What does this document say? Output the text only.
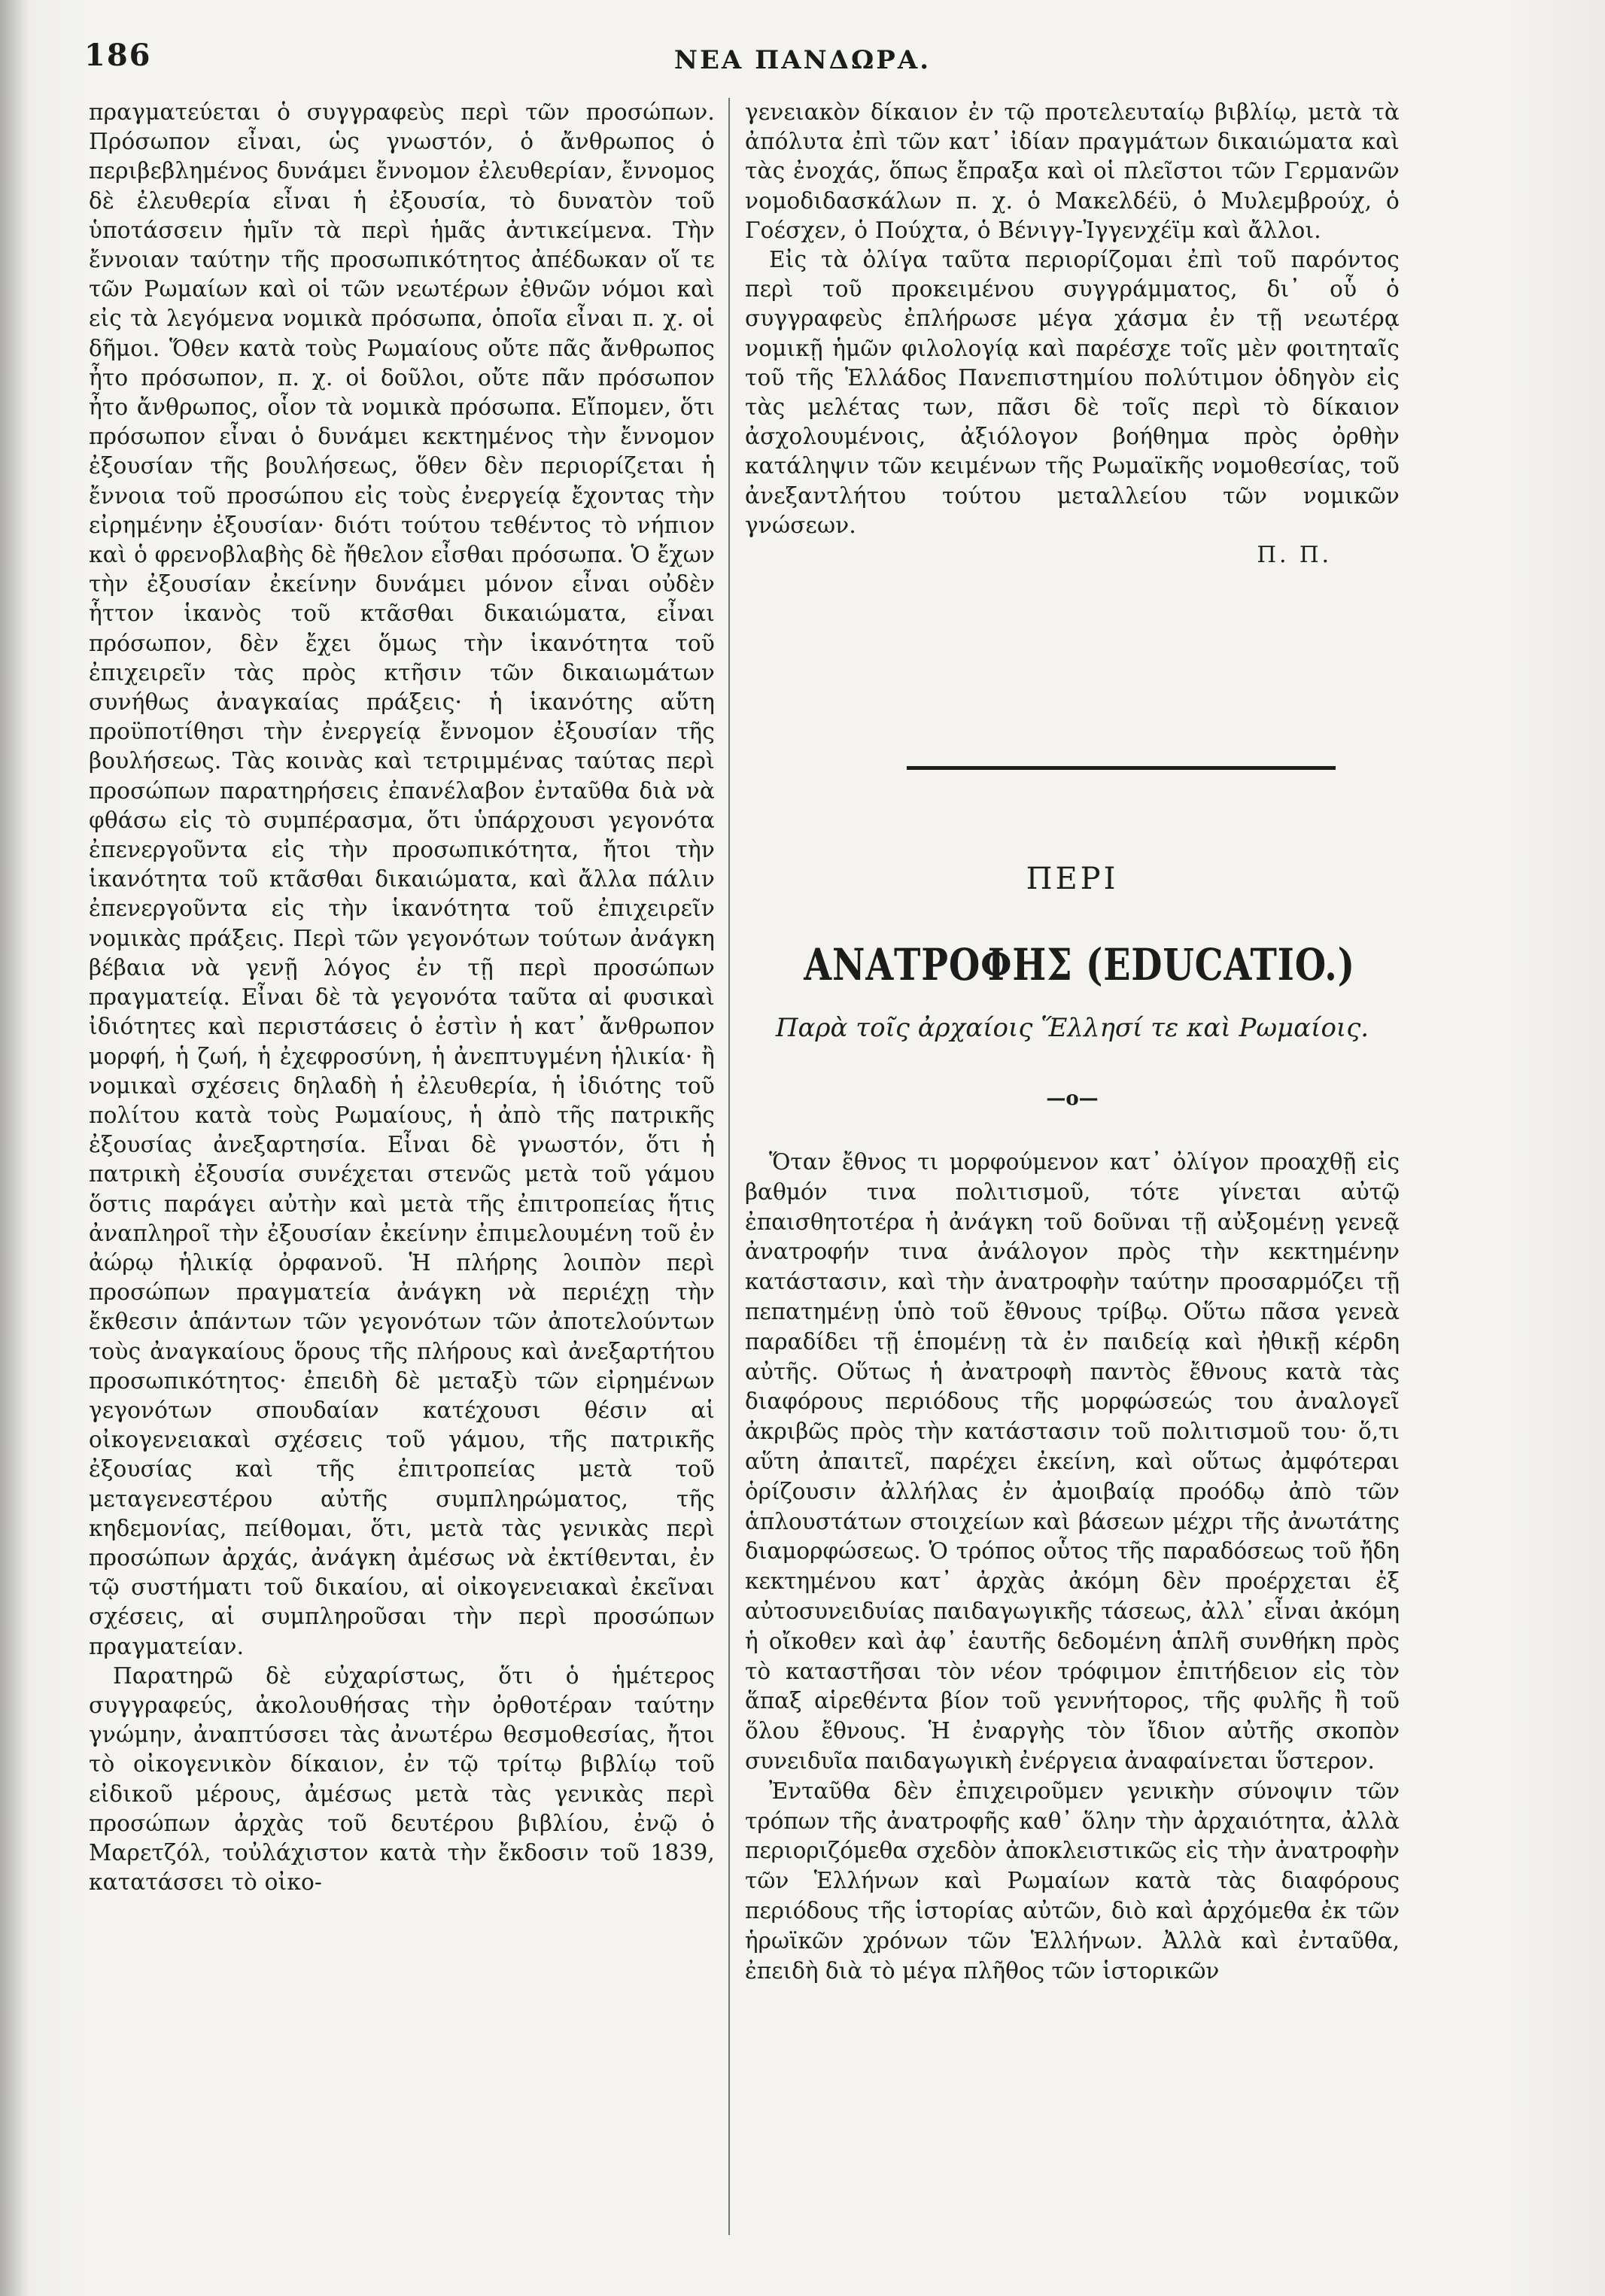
186	ΝΕΑ ΠΑΝΔΩΡΑ.

πραγματεύεται ὁ συγγραφεὺς περὶ τῶν προσώπων. Πρόσωπον εἶναι, ὡς γνωστόν, ὁ ἄνθρωπος ὁ περιβεβλημένος δυνάμει ἔννομον ἐλευθερίαν, ἔννομος δὲ ἐλευθερία εἶναι ἡ ἐξουσία, τὸ δυνατὸν τοῦ ὑποτάσσειν ἡμῖν τὰ περὶ ἡμᾶς ἀντικείμενα. Τὴν ἔννοιαν ταύτην τῆς προσωπικότητος ἀπέδωκαν οἵ τε τῶν Ρωμαίων καὶ οἱ τῶν νεωτέρων ἐθνῶν νόμοι καὶ εἰς τὰ λεγόμενα νομικὰ πρόσωπα, ὁποῖα εἶναι π. χ. οἱ δῆμοι. Ὅθεν κατὰ τοὺς Ρωμαίους οὔτε πᾶς ἄνθρωπος ἦτο πρόσωπον, π. χ. οἱ δοῦλοι, οὔτε πᾶν πρόσωπον ἦτο ἄνθρωπος, οἷον τὰ νομικὰ πρόσωπα. Εἴπομεν, ὅτι πρόσωπον εἶναι ὁ δυνάμει κεκτημένος τὴν ἔννομον ἐξουσίαν τῆς βουλήσεως, ὅθεν δὲν περιορίζεται ἡ ἔννοια τοῦ προσώπου εἰς τοὺς ἐνεργείᾳ ἔχοντας τὴν εἰρημένην ἐξουσίαν· διότι τούτου τεθέντος τὸ νήπιον καὶ ὁ φρενοβλαβὴς δὲ ἤθελον εἶσθαι πρόσωπα. Ὁ ἔχων τὴν ἐξουσίαν ἐκείνην δυνάμει μόνον εἶναι οὐδὲν ἧττον ἱκανὸς τοῦ κτᾶσθαι δικαιώματα, εἶναι πρόσωπον, δὲν ἔχει ὅμως τὴν ἱκανότητα τοῦ ἐπιχειρεῖν τὰς πρὸς κτῆσιν τῶν δικαιωμάτων συνήθως ἀναγκαίας πράξεις· ἡ ἱκανότης αὕτη προϋποτίθησι τὴν ἐνεργείᾳ ἔννομον ἐξουσίαν τῆς βουλήσεως. Τὰς κοινὰς καὶ τετριμμένας ταύτας περὶ προσώπων παρατηρήσεις ἐπανέλαβον ἐνταῦθα διὰ νὰ φθάσω εἰς τὸ συμπέρασμα, ὅτι ὑπάρχουσι γεγονότα ἐπενεργοῦντα εἰς τὴν προσωπικότητα, ἤτοι τὴν ἱκανότητα τοῦ κτᾶσθαι δικαιώματα, καὶ ἄλλα πάλιν ἐπενεργοῦντα εἰς τὴν ἱκανότητα τοῦ ἐπιχειρεῖν νομικὰς πράξεις. Περὶ τῶν γεγονότων τούτων ἀνάγκη βέβαια νὰ γενῇ λόγος ἐν τῇ περὶ προσώπων πραγματείᾳ. Εἶναι δὲ τὰ γεγονότα ταῦτα αἱ φυσικαὶ ἰδιότητες καὶ περιστάσεις ὁ ἐστὶν ἡ κατ᾽ ἄνθρωπον μορφή, ἡ ζωή, ἡ ἐχεφροσύνη, ἡ ἀνεπτυγμένη ἡλικία· ἢ νομικαὶ σχέσεις δηλαδὴ ἡ ἐλευθερία, ἡ ἰδιότης τοῦ πολίτου κατὰ τοὺς Ρωμαίους, ἡ ἀπὸ τῆς πατρικῆς ἐξουσίας ἀνεξαρτησία. Εἶναι δὲ γνωστόν, ὅτι ἡ πατρικὴ ἐξουσία συνέχεται στενῶς μετὰ τοῦ γάμου ὅστις παράγει αὐτὴν καὶ μετὰ τῆς ἐπιτροπείας ἥτις ἀναπληροῖ τὴν ἐξουσίαν ἐκείνην ἐπιμελουμένη τοῦ ἐν ἀώρῳ ἡλικίᾳ ὀρφανοῦ. Ἡ πλήρης λοιπὸν περὶ προσώπων πραγματεία ἀνάγκη νὰ περιέχῃ τὴν ἔκθεσιν ἁπάντων τῶν γεγονότων τῶν ἀποτελούντων τοὺς ἀναγκαίους ὅρους τῆς πλήρους καὶ ἀνεξαρτήτου προσωπικότητος· ἐπειδὴ δὲ μεταξὺ τῶν εἰρημένων γεγονότων σπουδαίαν κατέχουσι θέσιν αἱ οἰκογενειακαὶ σχέσεις τοῦ γάμου, τῆς πατρικῆς ἐξουσίας καὶ τῆς ἐπιτροπείας μετὰ τοῦ μεταγενεστέρου αὐτῆς συμπληρώματος, τῆς κηδεμονίας, πείθομαι, ὅτι, μετὰ τὰς γενικὰς περὶ προσώπων ἀρχάς, ἀνάγκη ἀμέσως νὰ ἐκτίθενται, ἐν τῷ συστήματι τοῦ δικαίου, αἱ οἰκογενειακαὶ ἐκεῖναι σχέσεις, αἱ συμπληροῦσαι τὴν περὶ προσώπων πραγματείαν.

Παρατηρῶ δὲ εὐχαρίστως, ὅτι ὁ ἡμέτερος συγγραφεύς, ἀκολουθήσας τὴν ὀρθοτέραν ταύτην γνώμην, ἀναπτύσσει τὰς ἀνωτέρω θεσμοθεσίας, ἤτοι τὸ οἰκογενικὸν δίκαιον, ἐν τῷ τρίτῳ βιβλίῳ τοῦ εἰδικοῦ μέρους, ἀμέσως μετὰ τὰς γενικὰς περὶ προσώπων ἀρχὰς τοῦ δευτέρου βιβλίου, ἐνῷ ὁ Μαρετζόλ, τοὐλάχιστον κατὰ τὴν ἔκδοσιν τοῦ 1839, κατατάσσει τὸ οἰκο-

γενειακὸν δίκαιον ἐν τῷ προτελευταίῳ βιβλίῳ, μετὰ τὰ ἀπόλυτα ἐπὶ τῶν κατ᾽ ἰδίαν πραγμάτων δικαιώματα καὶ τὰς ἐνοχάς, ὅπως ἔπραξα καὶ οἱ πλεῖστοι τῶν Γερμανῶν νομοδιδασκάλων π. χ. ὁ Μακελδέϋ, ὁ Μυλεμβρούχ, ὁ Γοέσχεν, ὁ Πούχτα, ὁ Βένιγγ-Ἰγγενχέϊμ καὶ ἄλλοι.

Εἰς τὰ ὀλίγα ταῦτα περιορίζομαι ἐπὶ τοῦ παρόντος περὶ τοῦ προκειμένου συγγράμματος, δι᾽ οὗ ὁ συγγραφεὺς ἐπλήρωσε μέγα χάσμα ἐν τῇ νεωτέρᾳ νομικῇ ἡμῶν φιλολογίᾳ καὶ παρέσχε τοῖς μὲν φοιτηταῖς τοῦ τῆς Ἑλλάδος Πανεπιστημίου πολύτιμον ὁδηγὸν εἰς τὰς μελέτας των, πᾶσι δὲ τοῖς περὶ τὸ δίκαιον ἀσχολουμένοις, ἀξιόλογον βοήθημα πρὸς ὀρθὴν κατάληψιν τῶν κειμένων τῆς Ρωμαϊκῆς νομοθεσίας, τοῦ ἀνεξαντλήτου τούτου μεταλλείου τῶν νομικῶν γνώσεων.

Π. Π.

ΠΕΡΙ
ΑΝΑΤΡΟΦΗΣ (EDUCATIO.)
Παρὰ τοῖς ἀρχαίοις Ἕλλησί τε καὶ Ρωμαίοις.
—o—

Ὅταν ἔθνος τι μορφούμενον κατ᾽ ὀλίγον προαχθῇ εἰς βαθμόν τινα πολιτισμοῦ, τότε γίνεται αὐτῷ ἐπαισθητοτέρα ἡ ἀνάγκη τοῦ δοῦναι τῇ αὐξομένῃ γενεᾷ ἀνατροφήν τινα ἀνάλογον πρὸς τὴν κεκτημένην κατάστασιν, καὶ τὴν ἀνατροφὴν ταύτην προσαρμόζει τῇ πεπατημένῃ ὑπὸ τοῦ ἔθνους τρίβῳ. Οὕτω πᾶσα γενεὰ παραδίδει τῇ ἑπομένῃ τὰ ἐν παιδείᾳ καὶ ἠθικῇ κέρδη αὐτῆς. Οὕτως ἡ ἀνατροφὴ παντὸς ἔθνους κατὰ τὰς διαφόρους περιόδους τῆς μορφώσεώς του ἀναλογεῖ ἀκριβῶς πρὸς τὴν κατάστασιν τοῦ πολιτισμοῦ του· ὅ,τι αὕτη ἀπαιτεῖ, παρέχει ἐκείνη, καὶ οὕτως ἀμφότεραι ὁρίζουσιν ἀλλήλας ἐν ἀμοιβαίᾳ προόδῳ ἀπὸ τῶν ἁπλουστάτων στοιχείων καὶ βάσεων μέχρι τῆς ἀνωτάτης διαμορφώσεως. Ὁ τρόπος οὗτος τῆς παραδόσεως τοῦ ἤδη κεκτημένου κατ᾽ ἀρχὰς ἀκόμη δὲν προέρχεται ἐξ αὐτοσυνειδυίας παιδαγωγικῆς τάσεως, ἀλλ᾽ εἶναι ἀκόμη ἡ οἴκοθεν καὶ ἀφ᾽ ἑαυτῆς δεδομένη ἁπλῆ συνθήκη πρὸς τὸ καταστῆσαι τὸν νέον τρόφιμον ἐπιτήδειον εἰς τὸν ἅπαξ αἱρεθέντα βίον τοῦ γεννήτορος, τῆς φυλῆς ἢ τοῦ ὅλου ἔθνους. Ἡ ἐναργὴς τὸν ἴδιον αὐτῆς σκοπὸν συνειδυῖα παιδαγωγικὴ ἐνέργεια ἀναφαίνεται ὕστερον.

Ἐνταῦθα δὲν ἐπιχειροῦμεν γενικὴν σύνοψιν τῶν τρόπων τῆς ἀνατροφῆς καθ᾽ ὅλην τὴν ἀρχαιότητα, ἀλλὰ περιοριζόμεθα σχεδὸν ἀποκλειστικῶς εἰς τὴν ἀνατροφὴν τῶν Ἑλλήνων καὶ Ρωμαίων κατὰ τὰς διαφόρους περιόδους τῆς ἱστορίας αὐτῶν, διὸ καὶ ἀρχόμεθα ἐκ τῶν ἡρωϊκῶν χρόνων τῶν Ἑλλήνων. Ἀλλὰ καὶ ἐνταῦθα, ἐπειδὴ διὰ τὸ μέγα πλῆθος τῶν ἱστορικῶν
